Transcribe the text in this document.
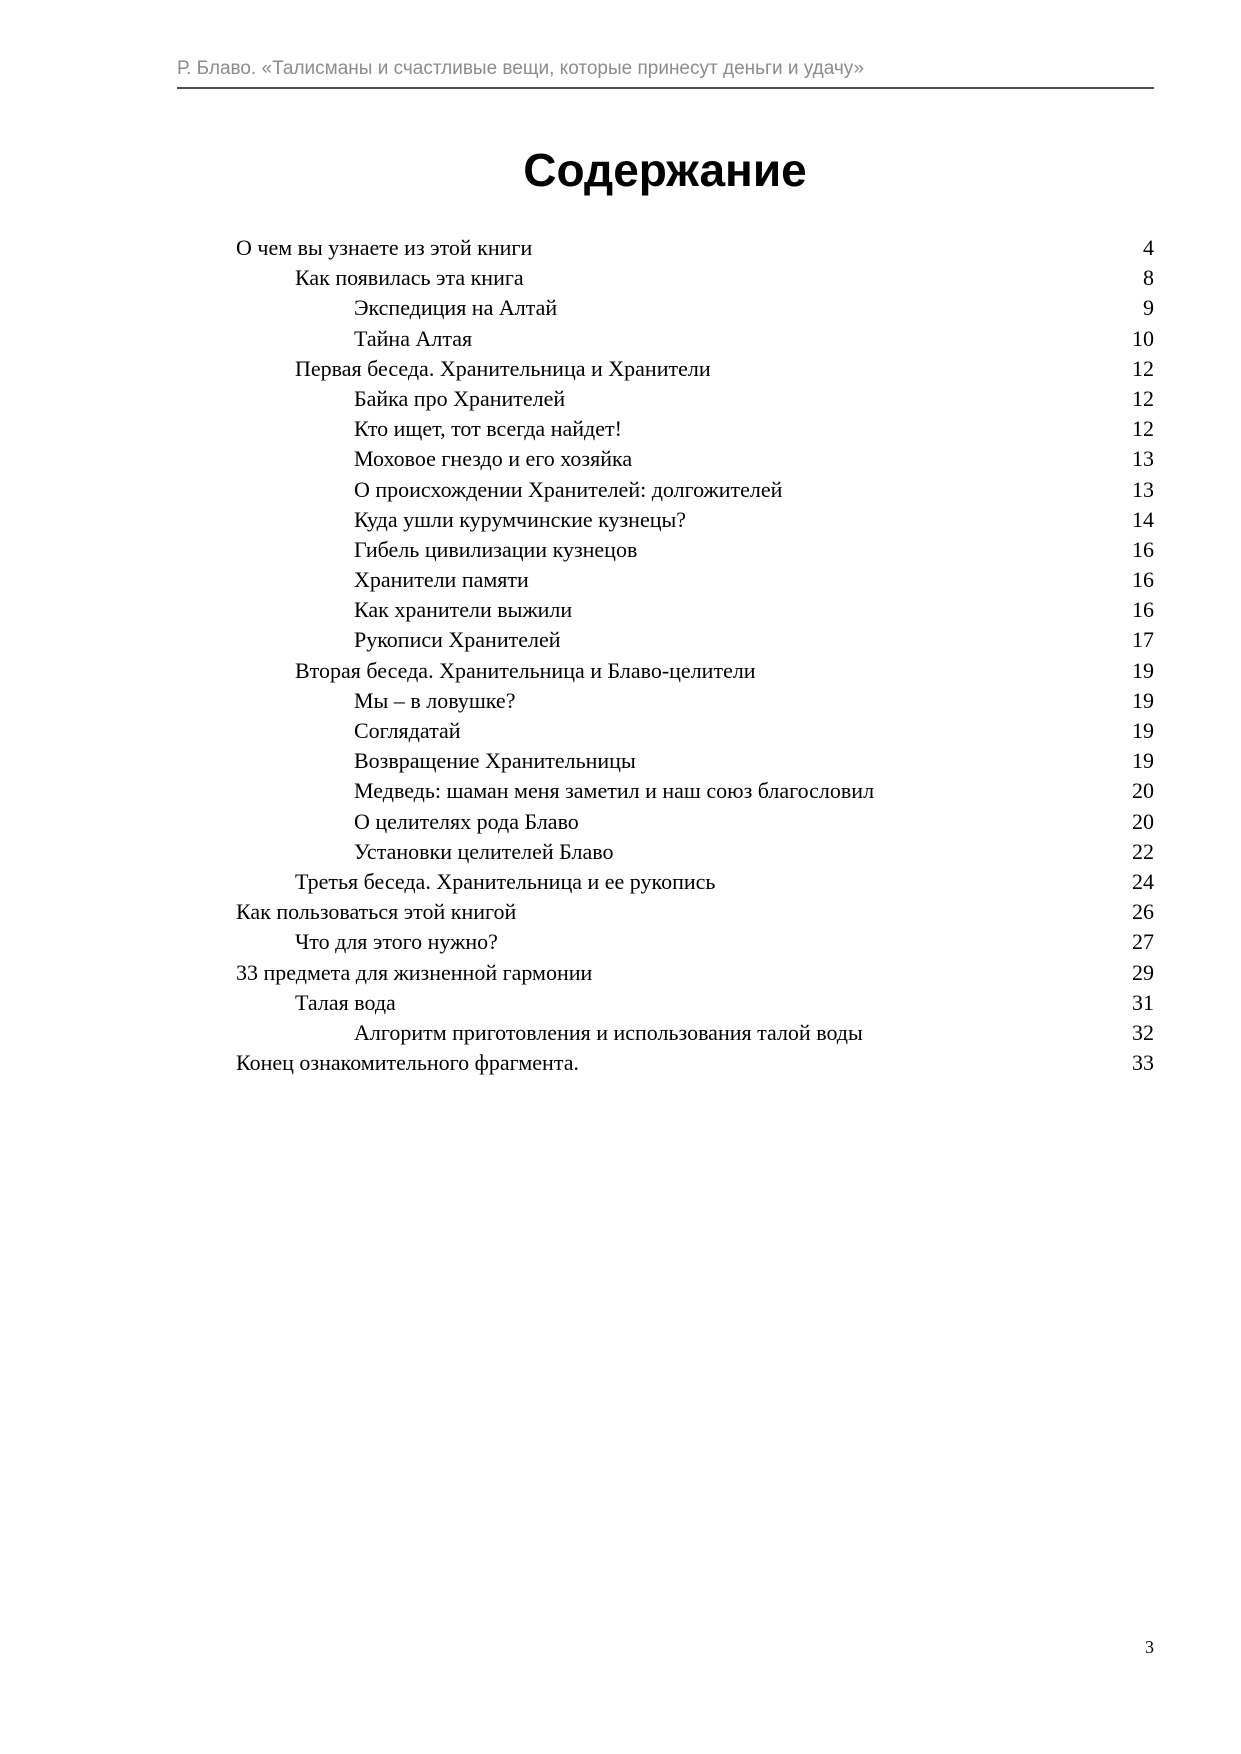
Р. Блаво. «Талисманы и счастливые вещи, которые принесут деньги и удачу»
Содержание
О чем вы узнаете из этой книги	4
Как появилась эта книга	8
Экспедиция на Алтай	9
Тайна Алтая	10
Первая беседа. Хранительница и Хранители	12
Байка про Хранителей	12
Кто ищет, тот всегда найдет!	12
Моховое гнездо и его хозяйка	13
О происхождении Хранителей: долгожителей	13
Куда ушли курумчинские кузнецы?	14
Гибель цивилизации кузнецов	16
Хранители памяти	16
Как хранители выжили	16
Рукописи Хранителей	17
Вторая беседа. Хранительница и Блаво-целители	19
Мы – в ловушке?	19
Соглядатай	19
Возвращение Хранительницы	19
Медведь: шаман меня заметил и наш союз благословил	20
О целителях рода Блаво	20
Установки целителей Блаво	22
Третья беседа. Хранительница и ее рукопись	24
Как пользоваться этой книгой	26
Что для этого нужно?	27
33 предмета для жизненной гармонии	29
Талая вода	31
Алгоритм приготовления и использования талой воды	32
Конец ознакомительного фрагмента.	33
3
